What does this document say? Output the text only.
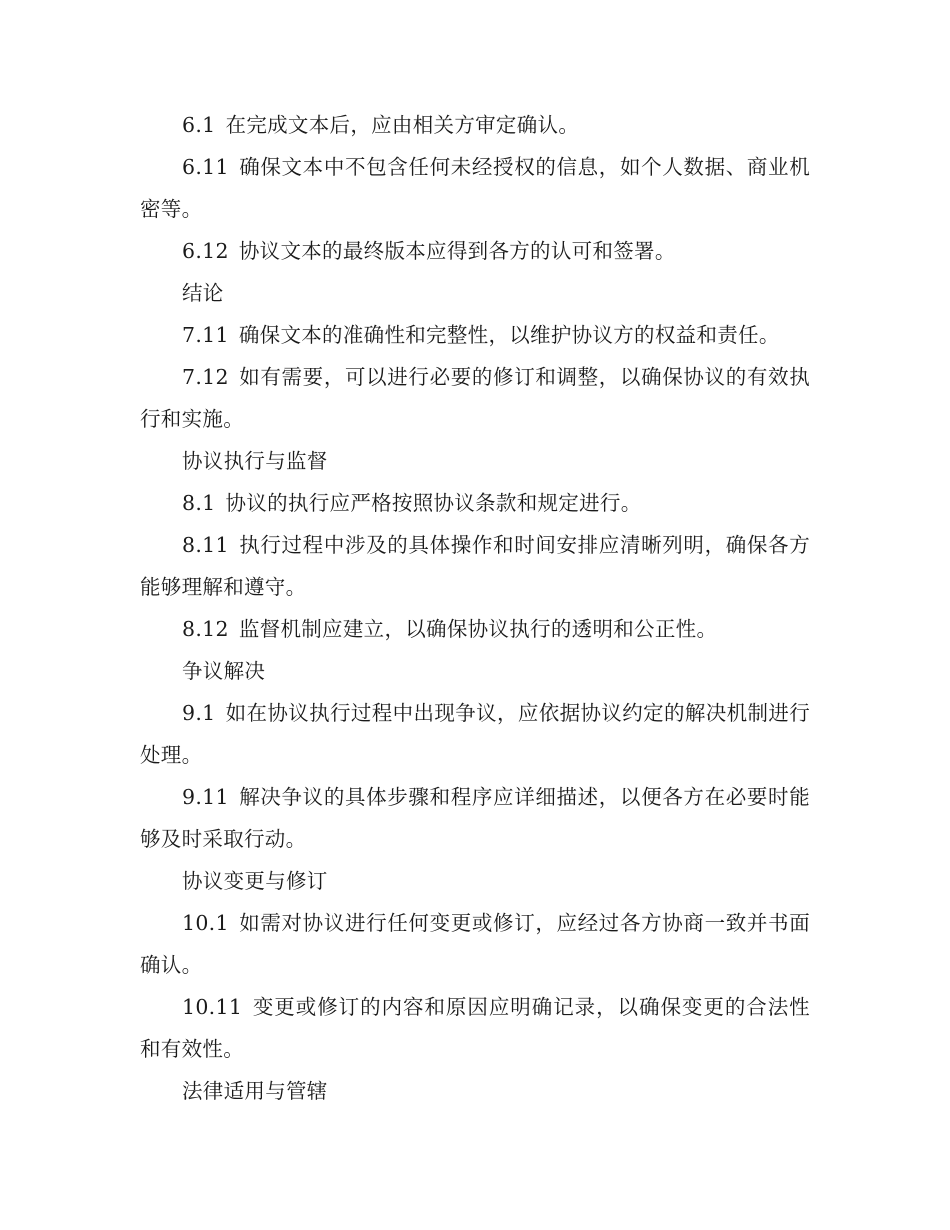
6.1 在完成文本后，应由相关方审定确认。

6.11 确保文本中不包含任何未经授权的信息，如个人数据、商业机密等。

6.12 协议文本的最终版本应得到各方的认可和签署。

结论

7.11 确保文本的准确性和完整性，以维护协议方的权益和责任。

7.12 如有需要，可以进行必要的修订和调整，以确保协议的有效执行和实施。

协议执行与监督

8.1 协议的执行应严格按照协议条款和规定进行。

8.11 执行过程中涉及的具体操作和时间安排应清晰列明，确保各方能够理解和遵守。

8.12 监督机制应建立，以确保协议执行的透明和公正性。

争议解决

9.1 如在协议执行过程中出现争议，应依据协议约定的解决机制进行处理。

9.11 解决争议的具体步骤和程序应详细描述，以便各方在必要时能够及时采取行动。

协议变更与修订

10.1 如需对协议进行任何变更或修订，应经过各方协商一致并书面确认。

10.11 变更或修订的内容和原因应明确记录，以确保变更的合法性和有效性。

法律适用与管辖
